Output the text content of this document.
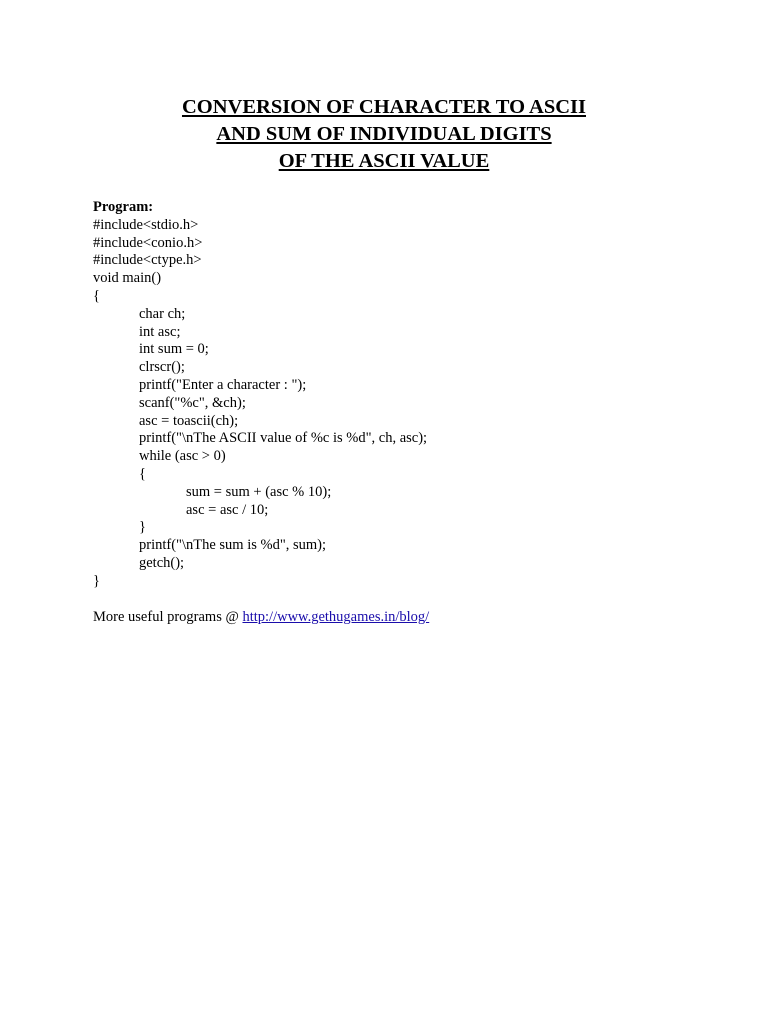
CONVERSION OF CHARACTER TO ASCII
AND SUM OF INDIVIDUAL DIGITS
OF THE ASCII VALUE
Program:
#include<stdio.h>
#include<conio.h>
#include<ctype.h>
void main()
{
char ch;
int asc;
int sum = 0;
clrscr();
printf("Enter a character : ");
scanf("%c", &ch);
asc = toascii(ch);
printf("\nThe ASCII value of %c is %d", ch, asc);
while (asc > 0)
{
sum = sum + (asc % 10);
asc = asc / 10;
}
printf("\nThe sum is %d", sum);
getch();
}
More useful programs @ http://www.gethugames.in/blog/
